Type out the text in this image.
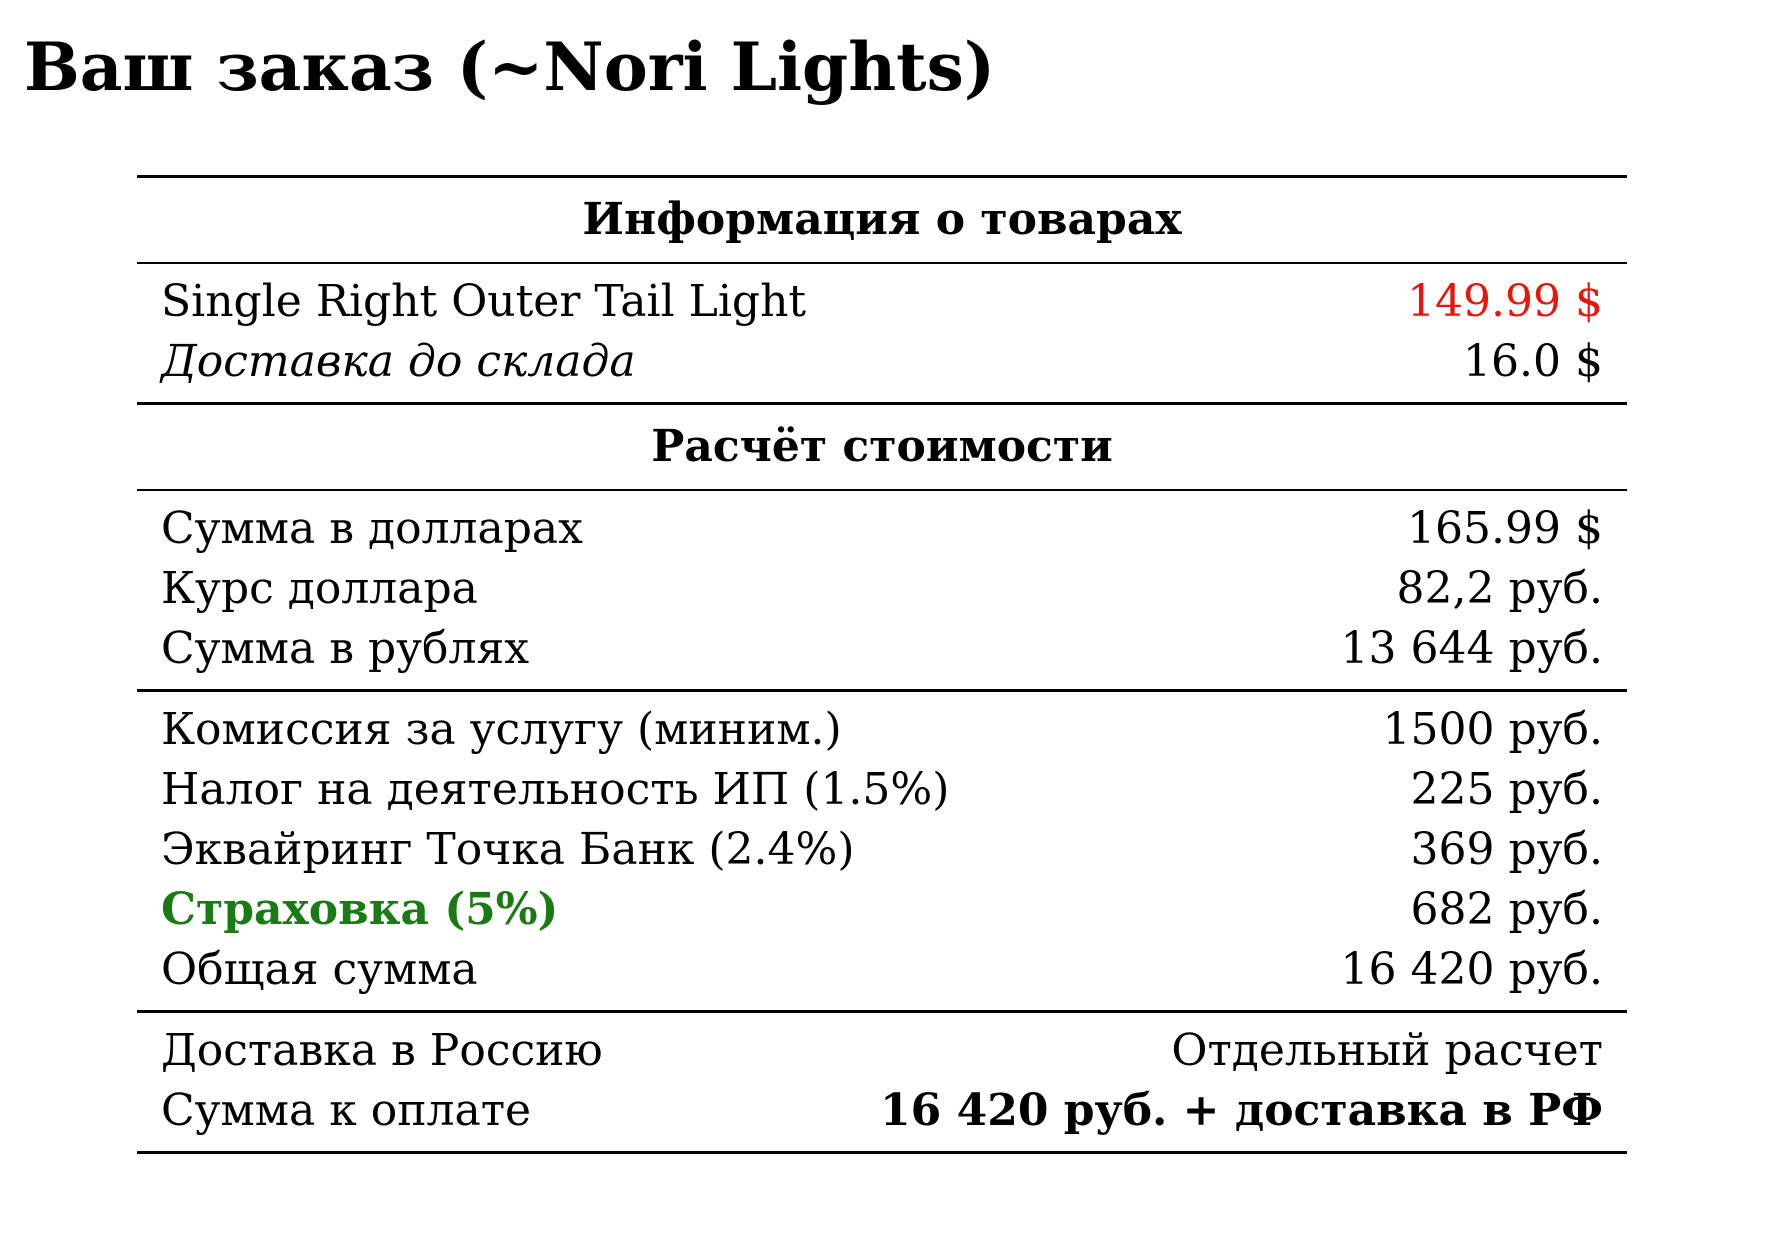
Ваш заказ (~Nori Lights)
Информация о товарах
Single Right Outer Tail Light	149.99 $
Доставка до склада	16.0 $
Расчёт стоимости
Сумма в долларах	165.99 $
Курс доллара	82,2 руб.
Сумма в рублях	13 644 руб.
Комиссия за услугу (миним.)	1500 руб.
Налог на деятельность ИП (1.5%)	225 руб.
Эквайринг Точка Банк (2.4%)	369 руб.
Страховка (5%)	682 руб.
Общая сумма	16 420 руб.
Доставка в Россию	Отдельный расчет
Сумма к оплате	16 420 руб. + доставка в РФ
